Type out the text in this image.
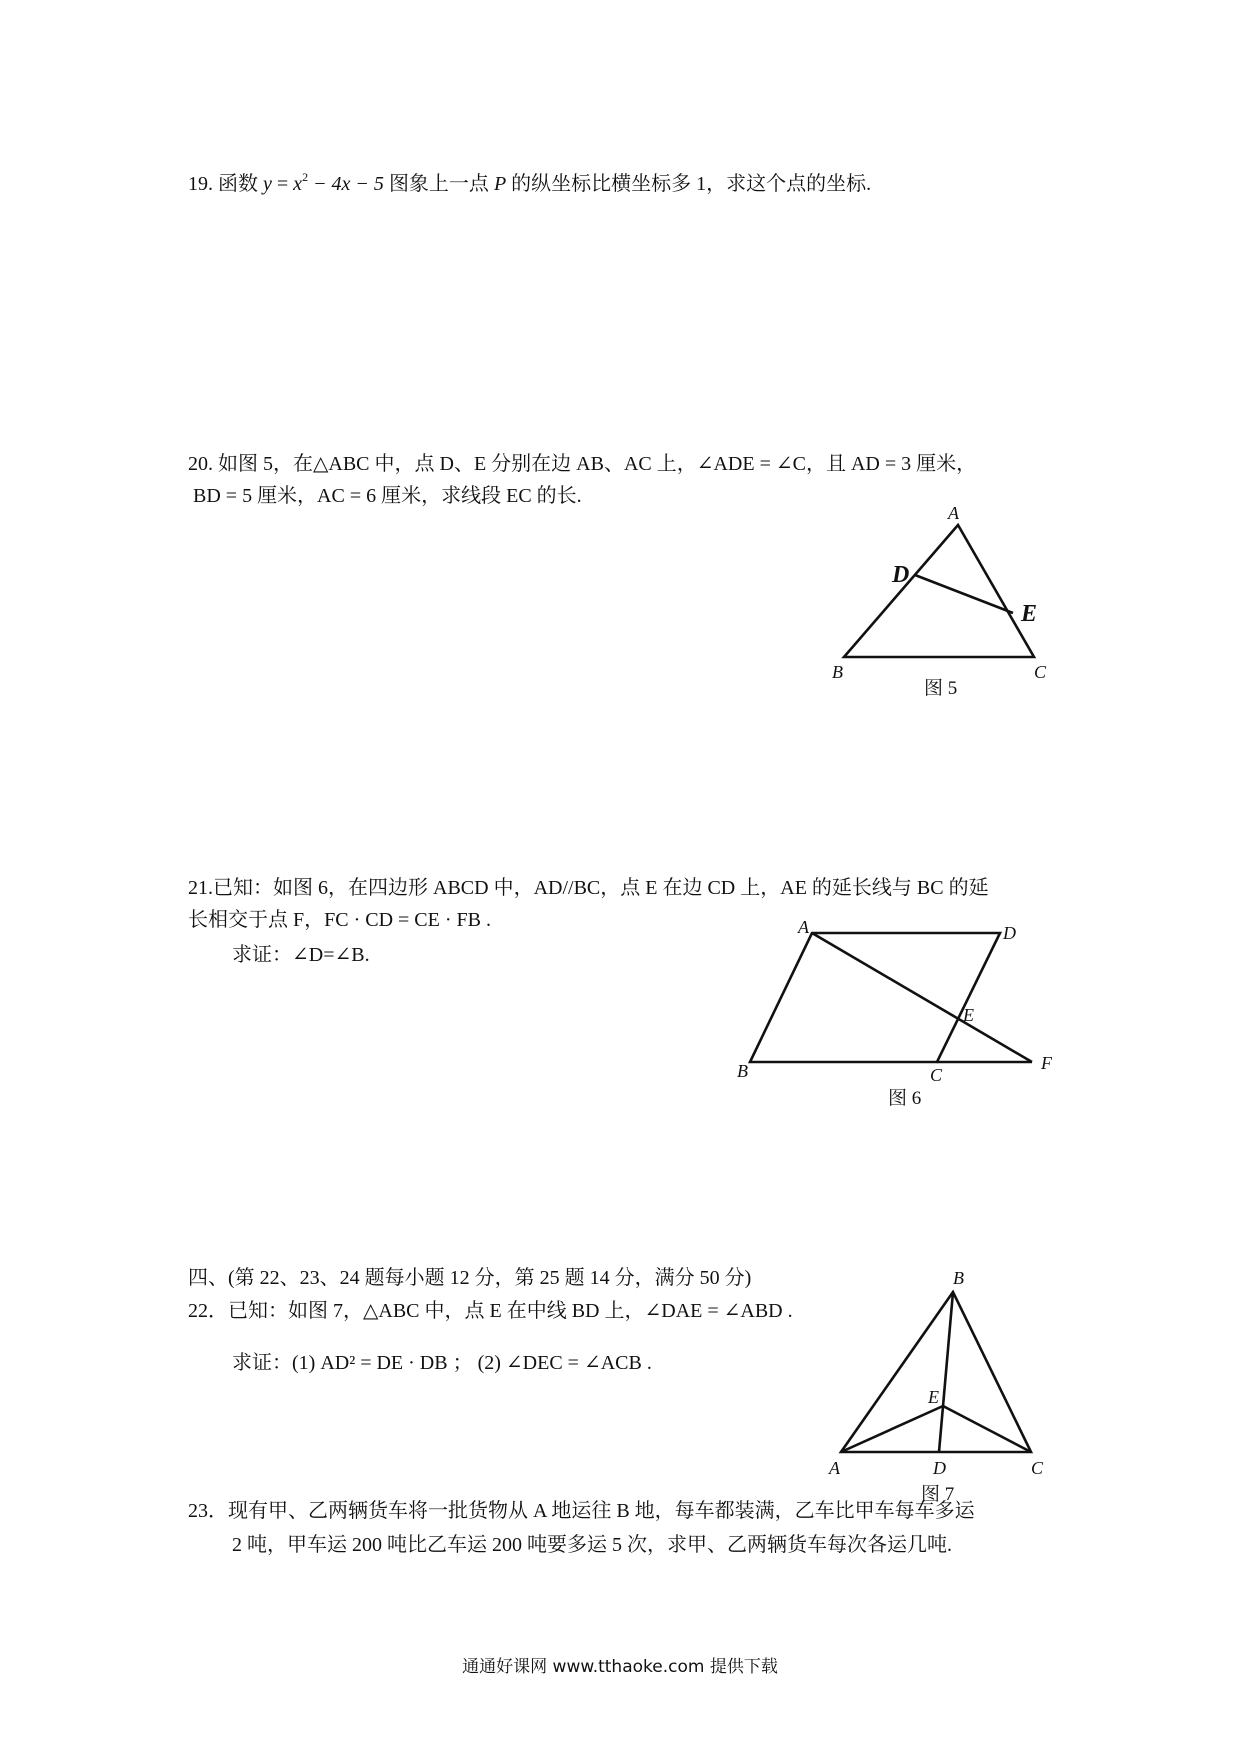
19. 函数 $y = x^2 - 4x - 5$ 图象上一点 P 的纵坐标比横坐标多 1，求这个点的坐标.
20. 如图 5，在△ABC 中，点 D、E 分别在边 AB、AC 上，∠ADE = ∠C，且 AD = 3 厘米，
BD = 5 厘米，AC = 6 厘米，求线段 EC 的长.
A
B	C
D
E
图 5
21.已知：如图 6，在四边形 ABCD 中，AD//BC，点 E 在边 CD 上，AE 的延长线与 BC 的延
长相交于点 F，FC · CD = CE · FB .
求证：∠D=∠B.
A	D
E
B	C
F
图 6
四、(第 22、23、24 题每小题 12 分，第 25 题 14 分，满分 50 分)
22．已知：如图 7，△ABC 中，点 E 在中线 BD 上，∠DAE = ∠ABD .
求证：(1) AD² = DE · DB ； (2) ∠DEC = ∠ACB .
B
E
A	D	C
图 7
23．现有甲、乙两辆货车将一批货物从 A 地运往 B 地，每车都装满，乙车比甲车每车多运
2 吨，甲车运 200 吨比乙车运 200 吨要多运 5 次，求甲、乙两辆货车每次各运几吨.
通通好课网 www.tthaoke.com 提供下载
